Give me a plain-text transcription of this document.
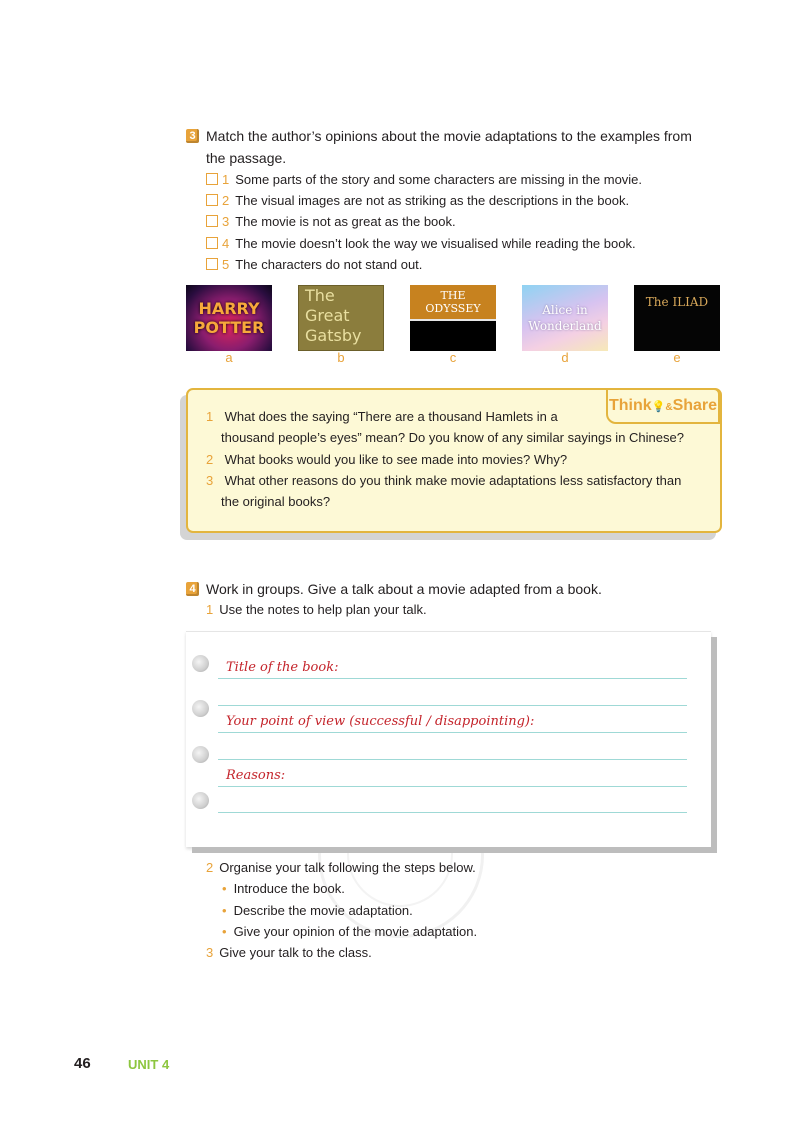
3 Match the author’s opinions about the movie adaptations to the examples from
the passage.
1 Some parts of the story and some characters are missing in the movie.
2 The visual images are not as striking as the descriptions in the book.
3 The movie is not as great as the book.
4 The movie doesn’t look the way we visualised while reading the book.
5 The characters do not stand out.
HARRY
POTTER
a
The
Great
Gatsby
b
THE
ODYSSEY
c
Alice in
Wonderland
d
The ILIAD
e
Think💡&Share
1 What does the saying “There are a thousand Hamlets in a
thousand people’s eyes” mean? Do you know of any similar sayings in Chinese?
2 What books would you like to see made into movies? Why?
3 What other reasons do you think make movie adaptations less satisfactory than
the original books?
4 Work in groups. Give a talk about a movie adapted from a book.
1 Use the notes to help plan your talk.
Title of the book:
Your point of view (successful / disappointing):
Reasons:
2 Organise your talk following the steps below.
• Introduce the book.
• Describe the movie adaptation.
• Give your opinion of the movie adaptation.
3 Give your talk to the class.
46	UNIT 4
